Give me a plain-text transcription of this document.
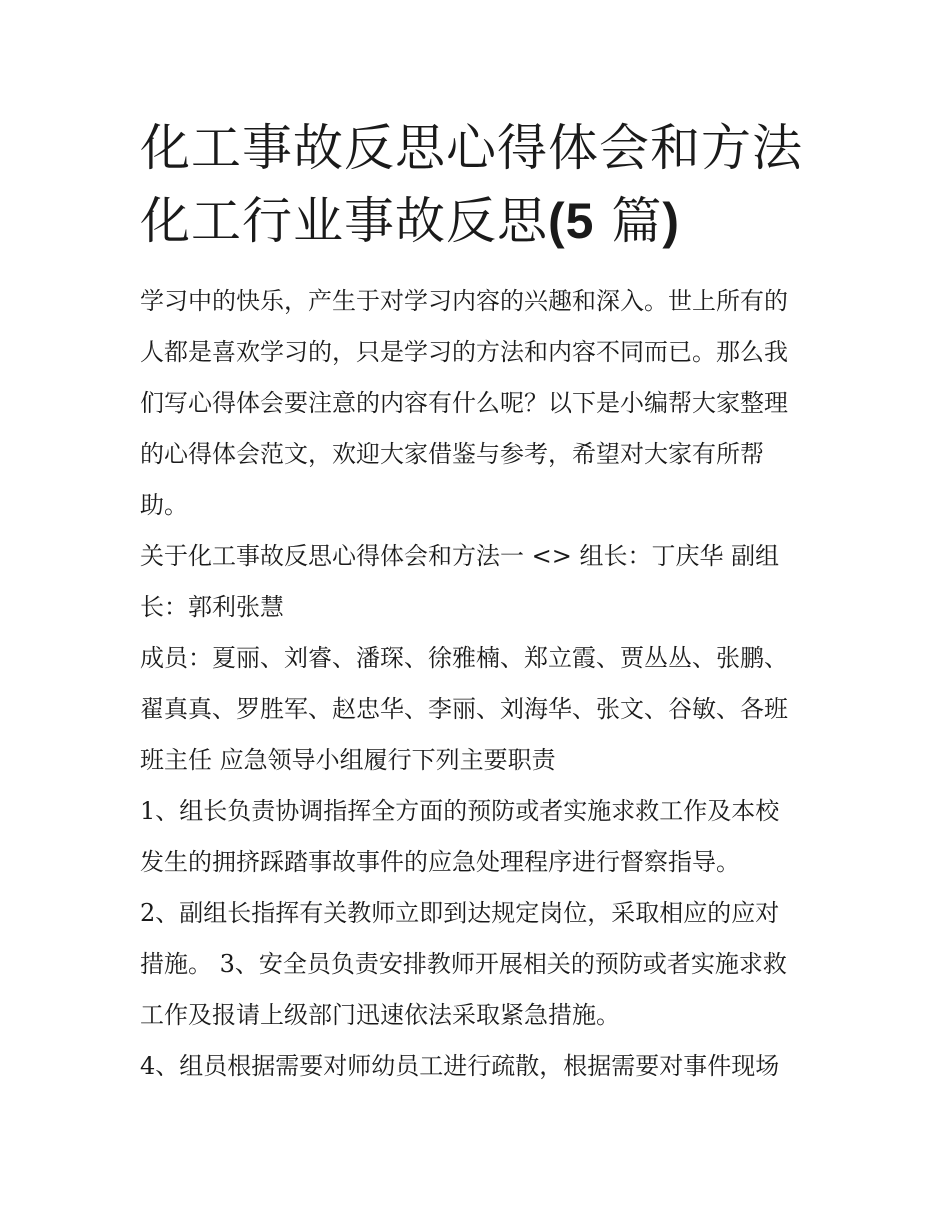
化工事故反思心得体会和方法
化工行业事故反思(5 篇)

学习中的快乐，产生于对学习内容的兴趣和深入。世上所有的
人都是喜欢学习的，只是学习的方法和内容不同而已。那么我
们写心得体会要注意的内容有什么呢？以下是小编帮大家整理
的心得体会范文，欢迎大家借鉴与参考，希望对大家有所帮
助。

关于化工事故反思心得体会和方法一 <> 组长：丁庆华 副组
长：郭利张慧

成员：夏丽、刘睿、潘琛、徐雅楠、郑立霞、贾丛丛、张鹏、
翟真真、罗胜军、赵忠华、李丽、刘海华、张文、谷敏、各班
班主任 应急领导小组履行下列主要职责

1、组长负责协调指挥全方面的预防或者实施求救工作及本校
发生的拥挤踩踏事故事件的应急处理程序进行督察指导。

2、副组长指挥有关教师立即到达规定岗位，采取相应的应对
措施。 3、安全员负责安排教师开展相关的预防或者实施求救
工作及报请上级部门迅速依法采取紧急措施。

4、组员根据需要对师幼员工进行疏散，根据需要对事件现场
